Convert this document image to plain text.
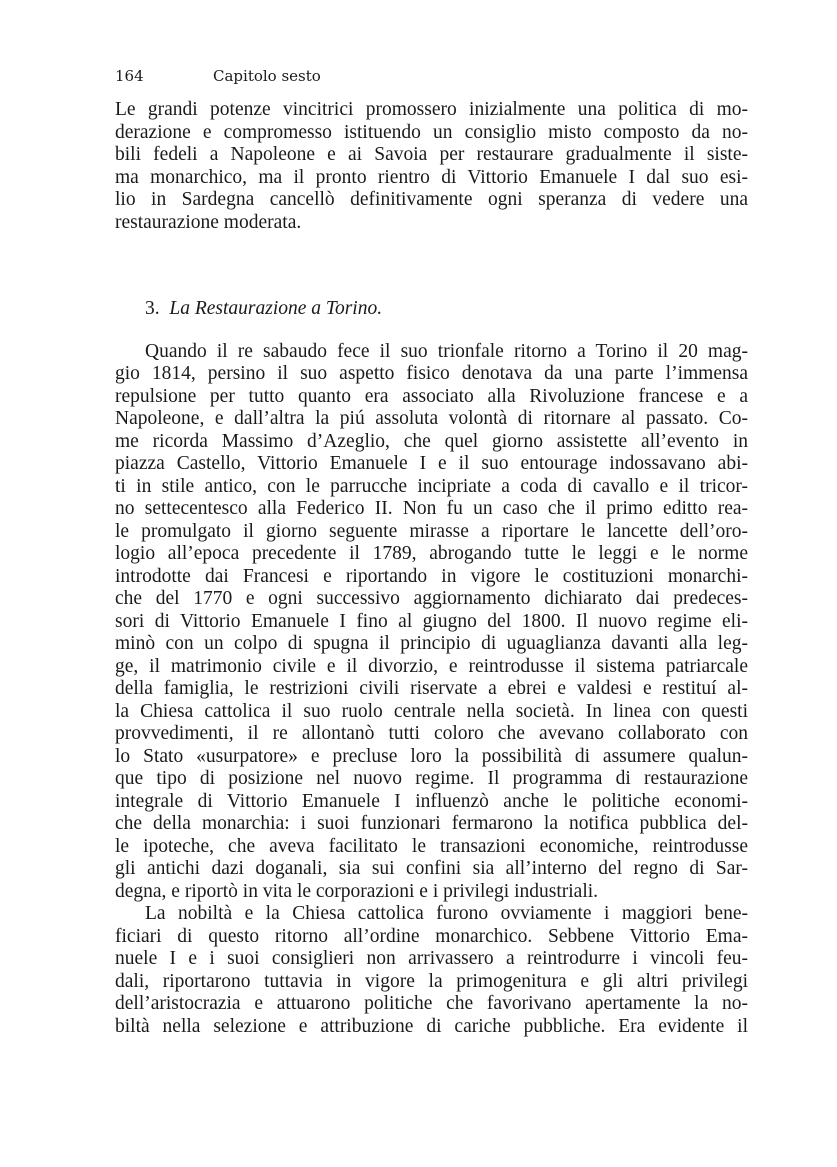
164	Capitolo sesto
Le grandi potenze vincitrici promossero inizialmente una politica di mo-
derazione e compromesso istituendo un consiglio misto composto da no-
bili fedeli a Napoleone e ai Savoia per restaurare gradualmente il siste-
ma monarchico, ma il pronto rientro di Vittorio Emanuele I dal suo esi-
lio in Sardegna cancellò definitivamente ogni speranza di vedere una
restaurazione moderata.
3. La Restaurazione a Torino.
Quando il re sabaudo fece il suo trionfale ritorno a Torino il 20 mag-
gio 1814, persino il suo aspetto fisico denotava da una parte l’immensa
repulsione per tutto quanto era associato alla Rivoluzione francese e a
Napoleone, e dall’altra la piú assoluta volontà di ritornare al passato. Co-
me ricorda Massimo d’Azeglio, che quel giorno assistette all’evento in
piazza Castello, Vittorio Emanuele I e il suo entourage indossavano abi-
ti in stile antico, con le parrucche incipriate a coda di cavallo e il tricor-
no settecentesco alla Federico II. Non fu un caso che il primo editto rea-
le promulgato il giorno seguente mirasse a riportare le lancette dell’oro-
logio all’epoca precedente il 1789, abrogando tutte le leggi e le norme
introdotte dai Francesi e riportando in vigore le costituzioni monarchi-
che del 1770 e ogni successivo aggiornamento dichiarato dai predeces-
sori di Vittorio Emanuele I fino al giugno del 1800. Il nuovo regime eli-
minò con un colpo di spugna il principio di uguaglianza davanti alla leg-
ge, il matrimonio civile e il divorzio, e reintrodusse il sistema patriarcale
della famiglia, le restrizioni civili riservate a ebrei e valdesi e restituí al-
la Chiesa cattolica il suo ruolo centrale nella società. In linea con questi
provvedimenti, il re allontanò tutti coloro che avevano collaborato con
lo Stato «usurpatore» e precluse loro la possibilità di assumere qualun-
que tipo di posizione nel nuovo regime. Il programma di restaurazione
integrale di Vittorio Emanuele I influenzò anche le politiche economi-
che della monarchia: i suoi funzionari fermarono la notifica pubblica del-
le ipoteche, che aveva facilitato le transazioni economiche, reintrodusse
gli antichi dazi doganali, sia sui confini sia all’interno del regno di Sar-
degna, e riportò in vita le corporazioni e i privilegi industriali.
La nobiltà e la Chiesa cattolica furono ovviamente i maggiori bene-
ficiari di questo ritorno all’ordine monarchico. Sebbene Vittorio Ema-
nuele I e i suoi consiglieri non arrivassero a reintrodurre i vincoli feu-
dali, riportarono tuttavia in vigore la primogenitura e gli altri privilegi
dell’aristocrazia e attuarono politiche che favorivano apertamente la no-
biltà nella selezione e attribuzione di cariche pubbliche. Era evidente il
